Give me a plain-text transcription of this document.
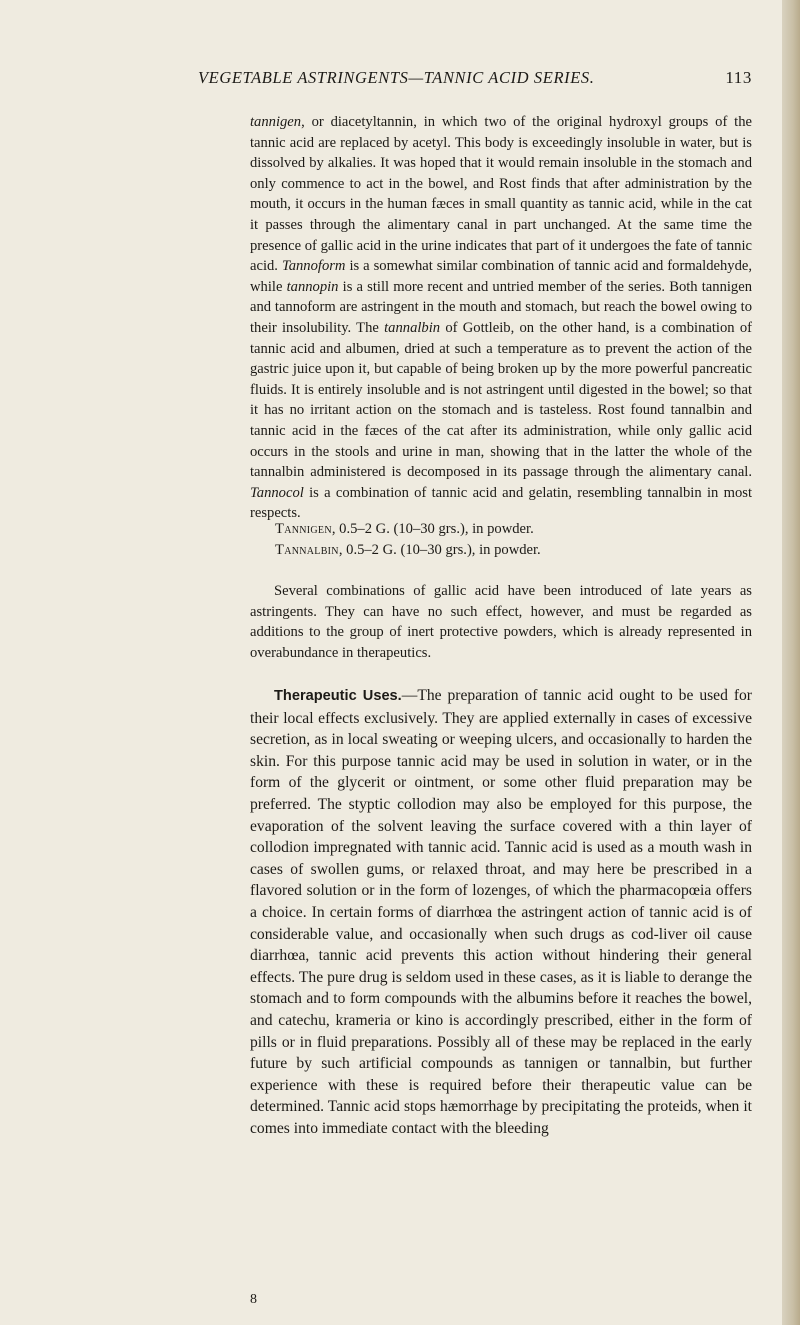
VEGETABLE ASTRINGENTS—TANNIC ACID SERIES.	113

tannigen, or diacetyltannin, in which two of the original hydroxyl groups of the tannic acid are replaced by acetyl. This body is exceedingly insoluble in water, but is dissolved by alkalies. It was hoped that it would remain insoluble in the stomach and only commence to act in the bowel, and Rost finds that after administration by the mouth, it occurs in the human fæces in small quantity as tannic acid, while in the cat it passes through the alimentary canal in part unchanged. At the same time the presence of gallic acid in the urine indicates that part of it undergoes the fate of tannic acid. Tannoform is a somewhat similar combination of tannic acid and formaldehyde, while tannopin is a still more recent and untried member of the series. Both tannigen and tannoform are astringent in the mouth and stomach, but reach the bowel owing to their insolubility. The tannalbin of Gottleib, on the other hand, is a combination of tannic acid and albumen, dried at such a temperature as to prevent the action of the gastric juice upon it, but capable of being broken up by the more powerful pancreatic fluids. It is entirely insoluble and is not astringent until digested in the bowel; so that it has no irritant action on the stomach and is tasteless. Rost found tannalbin and tannic acid in the fæces of the cat after its administration, while only gallic acid occurs in the stools and urine in man, showing that in the latter the whole of the tannalbin administered is decomposed in its passage through the alimentary canal. Tannocol is a combination of tannic acid and gelatin, resembling tannalbin in most respects.

Tannigen, 0.5–2 G. (10–30 grs.), in powder.
Tannalbin, 0.5–2 G. (10–30 grs.), in powder.
Several combinations of gallic acid have been introduced of late years as astringents. They can have no such effect, however, and must be regarded as additions to the group of inert protective powders, which is already represented in overabundance in therapeutics.
Therapeutic Uses.—The preparation of tannic acid ought to be used for their local effects exclusively. They are applied externally in cases of excessive secretion, as in local sweating or weeping ulcers, and occasionally to harden the skin. For this purpose tannic acid may be used in solution in water, or in the form of the glycerit or ointment, or some other fluid preparation may be preferred. The styptic collodion may also be employed for this purpose, the evaporation of the solvent leaving the surface covered with a thin layer of collodion impregnated with tannic acid. Tannic acid is used as a mouth wash in cases of swollen gums, or relaxed throat, and may here be prescribed in a flavored solution or in the form of lozenges, of which the pharmacopœia offers a choice. In certain forms of diarrhœa the astringent action of tannic acid is of considerable value, and occasionally when such drugs as cod-liver oil cause diarrhœa, tannic acid prevents this action without hindering their general effects. The pure drug is seldom used in these cases, as it is liable to derange the stomach and to form compounds with the albumins before it reaches the bowel, and catechu, krameria or kino is accordingly prescribed, either in the form of pills or in fluid preparations. Possibly all of these may be replaced in the early future by such artificial compounds as tannigen or tannalbin, but further experience with these is required before their therapeutic value can be determined. Tannic acid stops hæmorrhage by precipitating the proteids, when it comes into immediate contact with the bleeding
8
